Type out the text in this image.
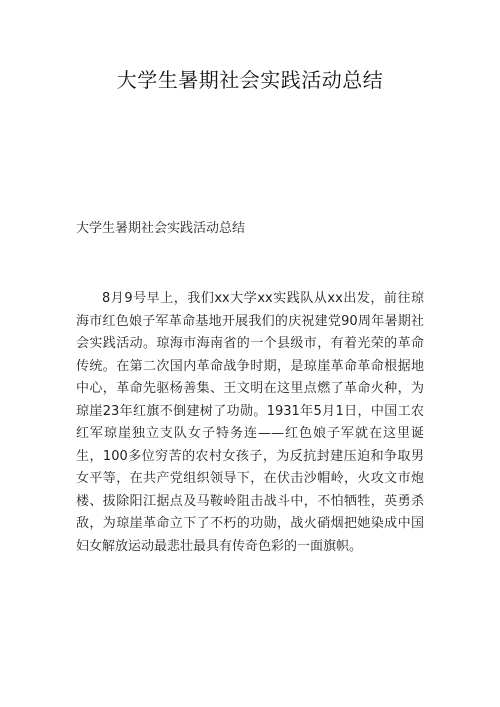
大学生暑期社会实践活动总结
大学生暑期社会实践活动总结

8月9号早上，我们xx大学xx实践队从xx出发，前往琼海市红色娘子军革命基地开展我们的庆祝建党90周年暑期社会实践活动。琼海市海南省的一个县级市，有着光荣的革命传统。在第二次国内革命战争时期，是琼崖革命革命根据地中心，革命先驱杨善集、王文明在这里点燃了革命火种，为琼崖23年红旗不倒建树了功勋。1931年5月1日，中国工农红军琼崖独立支队女子特务连——红色娘子军就在这里诞生，100多位穷苦的农村女孩子，为反抗封建压迫和争取男女平等，在共产党组织领导下，在伏击沙帽岭，火攻文市炮楼、拔除阳江据点及马鞍岭阻击战斗中，不怕牺牲，英勇杀敌，为琼崖革命立下了不朽的功勋，战火硝烟把她染成中国妇女解放运动最悲壮最具有传奇色彩的一面旗帜。
